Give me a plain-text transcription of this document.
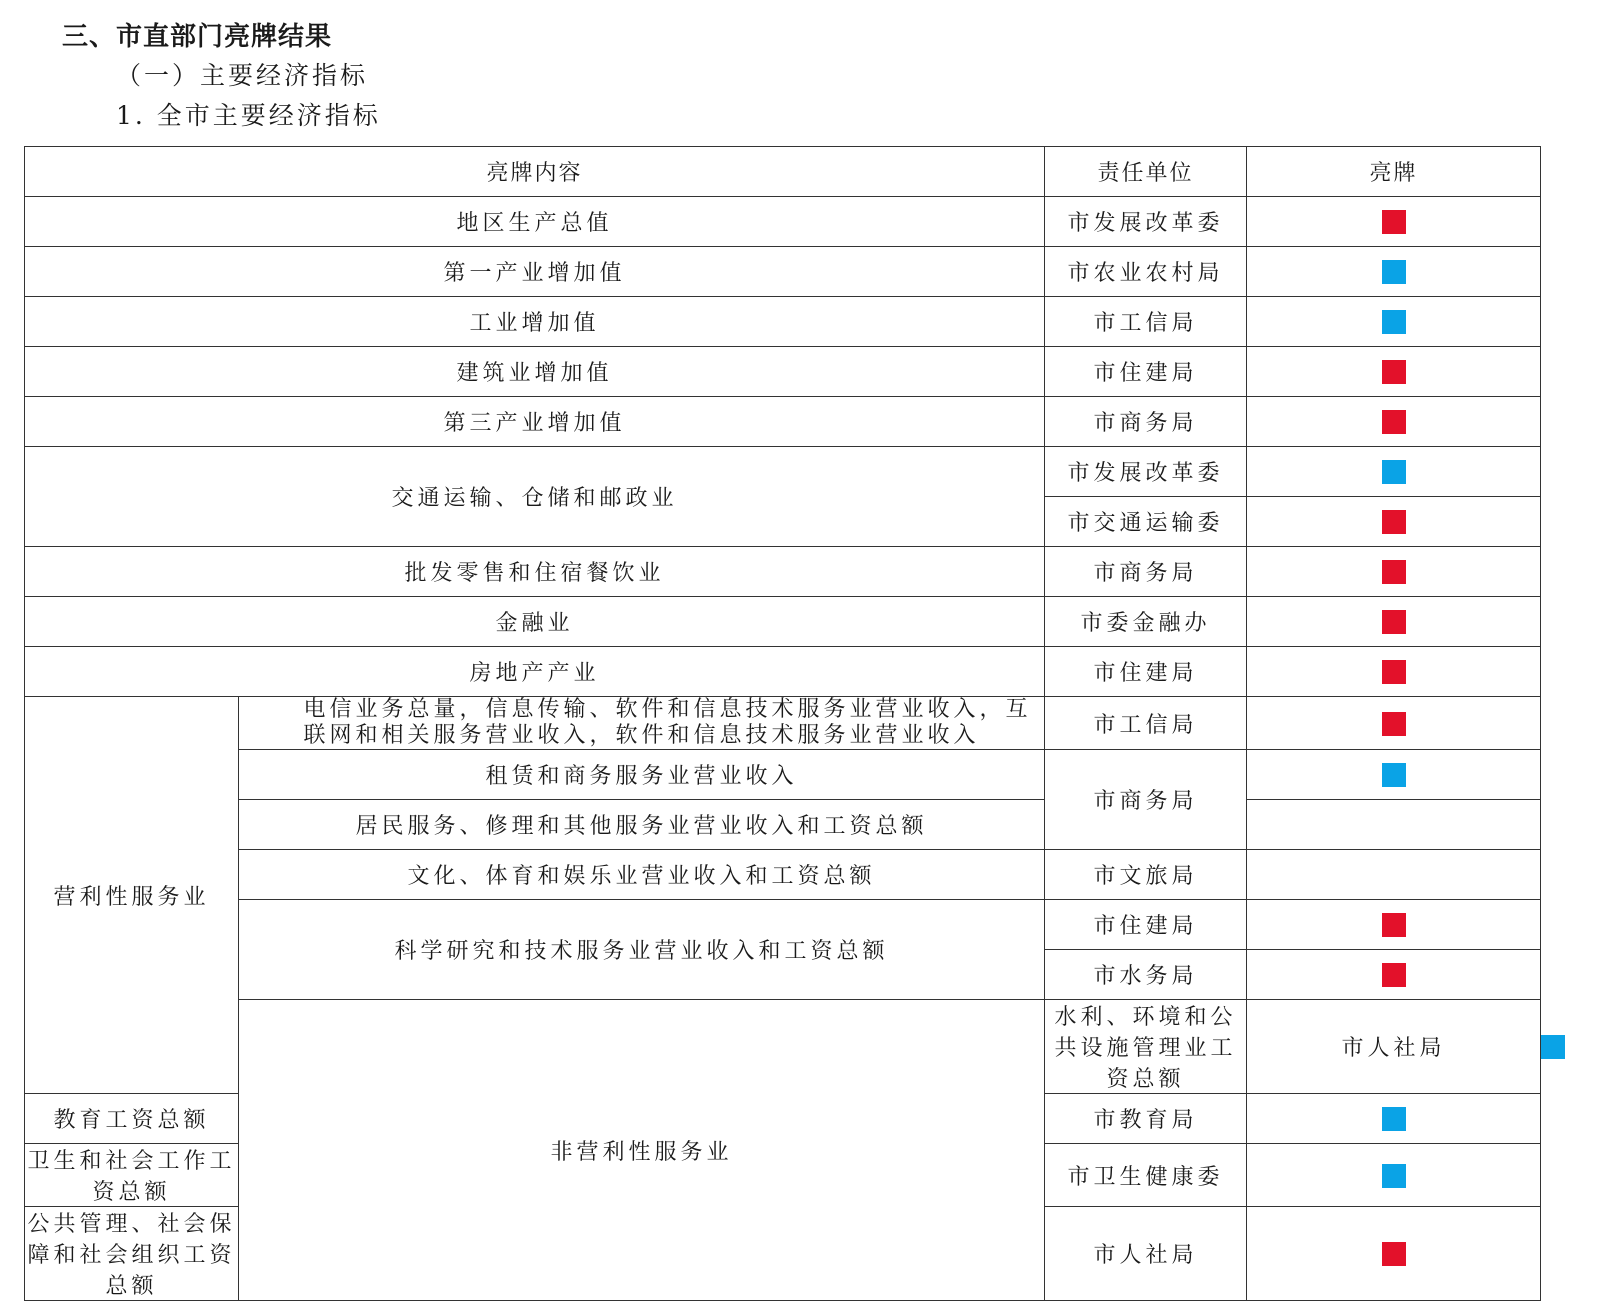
三、市直部门亮牌结果
（一）主要经济指标
1. 全市主要经济指标
亮牌内容		责任单位	亮牌	
地区生产总值		市发展改革委		
第一产业增加值		市农业农村局		
工业增加值		市工信局		
建筑业增加值		市住建局		
第三产业增加值		市商务局		
交通运输、仓储和邮政业		市发展改革委		
		市交通运输委		
批发零售和住宿餐饮业		市商务局		
金融业		市委金融办		
房地产产业		市住建局		
营利性服务业	电信业务总量，信息传输、软件和信息技术服务业营业收入，互联网和相关服务营业收入，软件和信息技术服务业营业收入	市工信局		
	租赁和商务服务业营业收入	市商务局		
	居民服务、修理和其他服务业营业收入和工资总额			
	文化、体育和娱乐业营业收入和工资总额	市文旅局		
	科学研究和技术服务业营业收入和工资总额	市住建局		
		市水务局		
	非营利性服务业	水利、环境和公共设施管理业工资总额	市人社局	
教育工资总额		市教育局		
卫生和社会工作工资总额		市卫生健康委		
公共管理、社会保障和社会组织工资总额		市人社局		
